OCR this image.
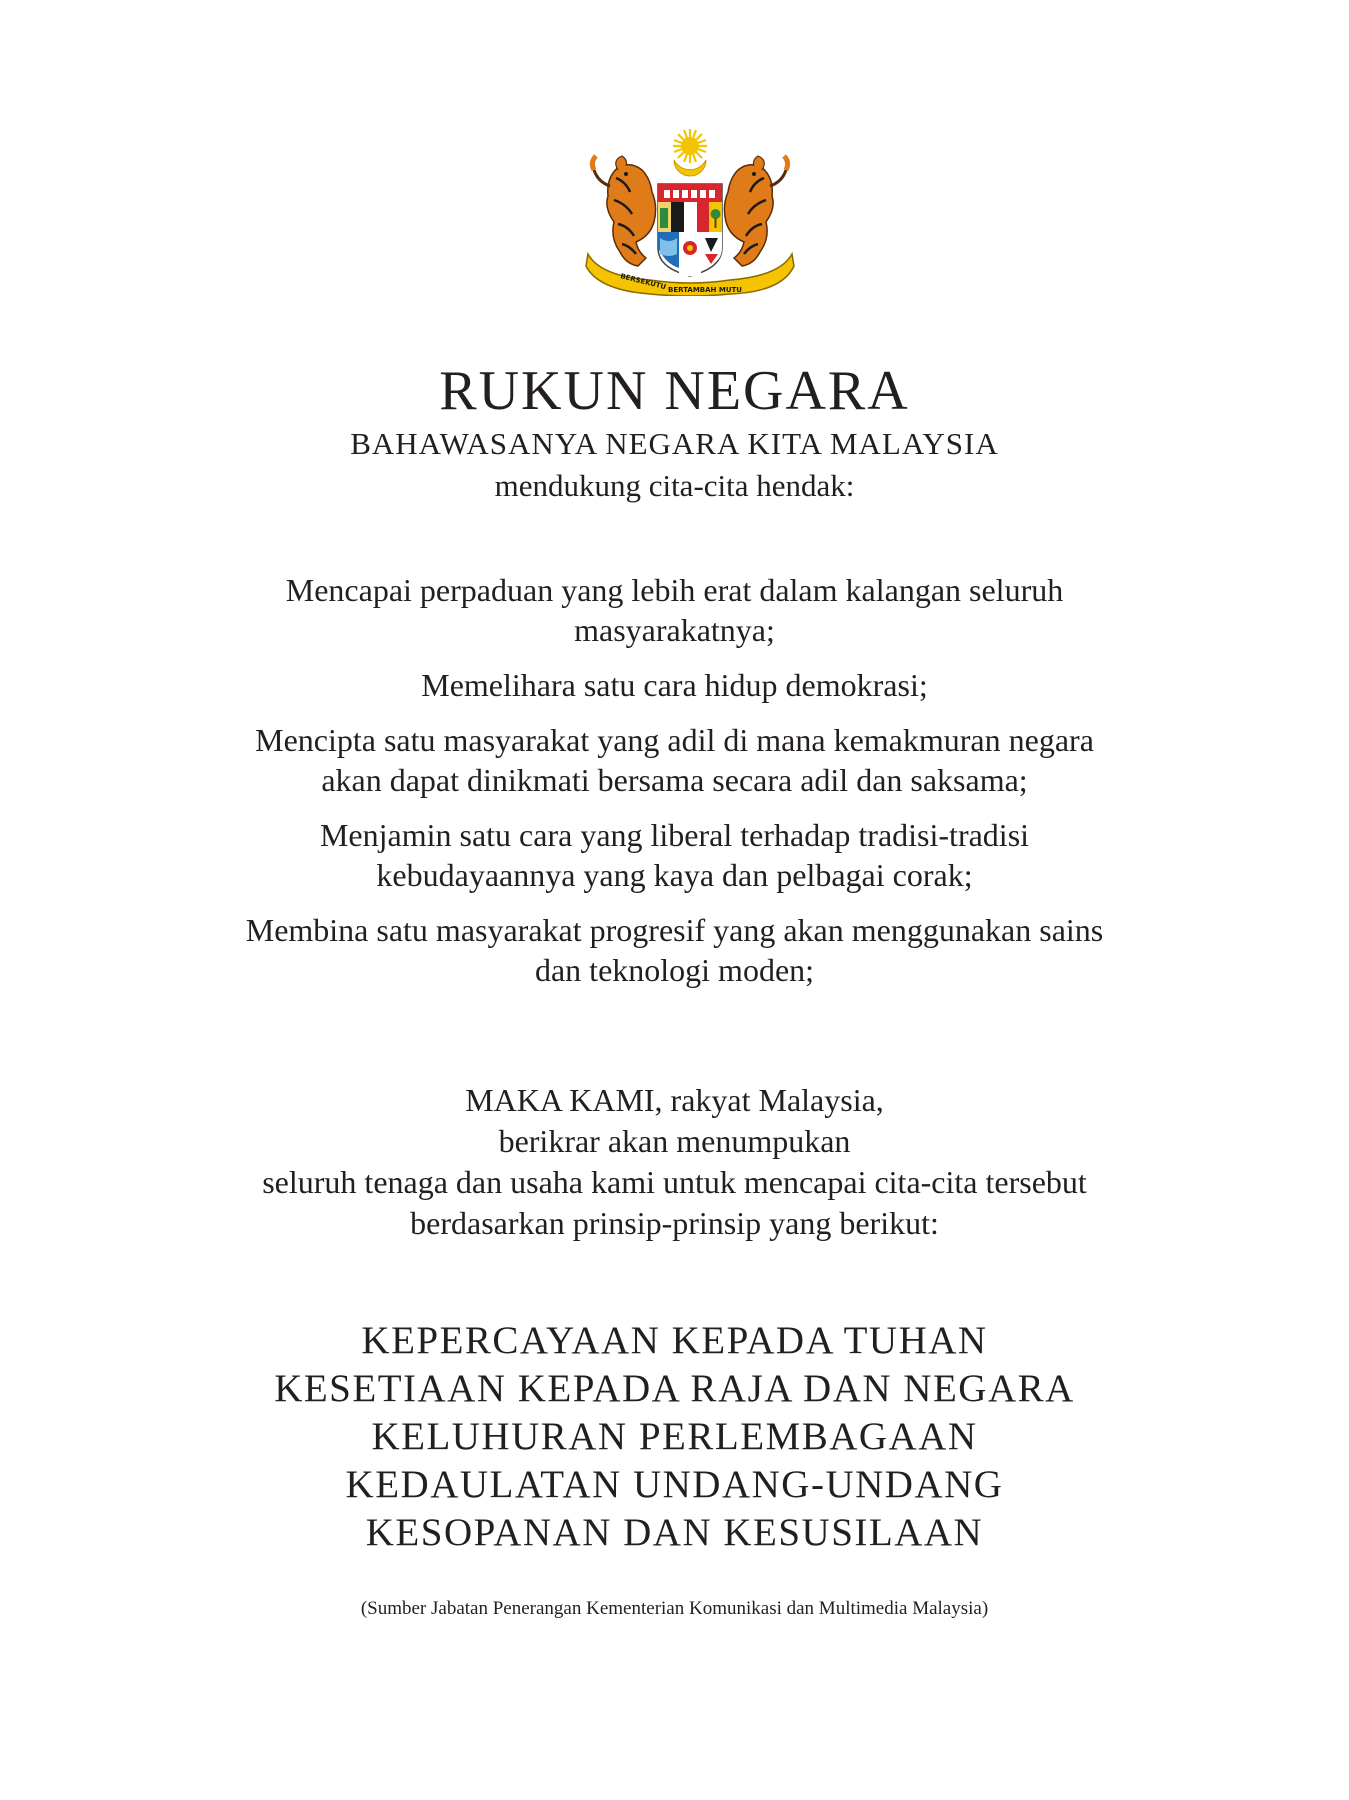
BERSEKUTU BERTAMBAH MUTU
RUKUN NEGARA
BAHAWASANYA NEGARA KITA MALAYSIA
mendukung cita-cita hendak:
Mencapai perpaduan yang lebih erat dalam kalangan seluruh
masyarakatnya;
Memelihara satu cara hidup demokrasi;
Mencipta satu masyarakat yang adil di mana kemakmuran negara
akan dapat dinikmati bersama secara adil dan saksama;
Menjamin satu cara yang liberal terhadap tradisi-tradisi
kebudayaannya yang kaya dan pelbagai corak;
Membina satu masyarakat progresif yang akan menggunakan sains
dan teknologi moden;
MAKA KAMI, rakyat Malaysia,
berikrar akan menumpukan
seluruh tenaga dan usaha kami untuk mencapai cita-cita tersebut
berdasarkan prinsip-prinsip yang berikut:
KEPERCAYAAN KEPADA TUHAN
KESETIAAN KEPADA RAJA DAN NEGARA
KELUHURAN PERLEMBAGAAN
KEDAULATAN UNDANG-UNDANG
KESOPANAN DAN KESUSILAAN
(Sumber Jabatan Penerangan Kementerian Komunikasi dan Multimedia Malaysia)
